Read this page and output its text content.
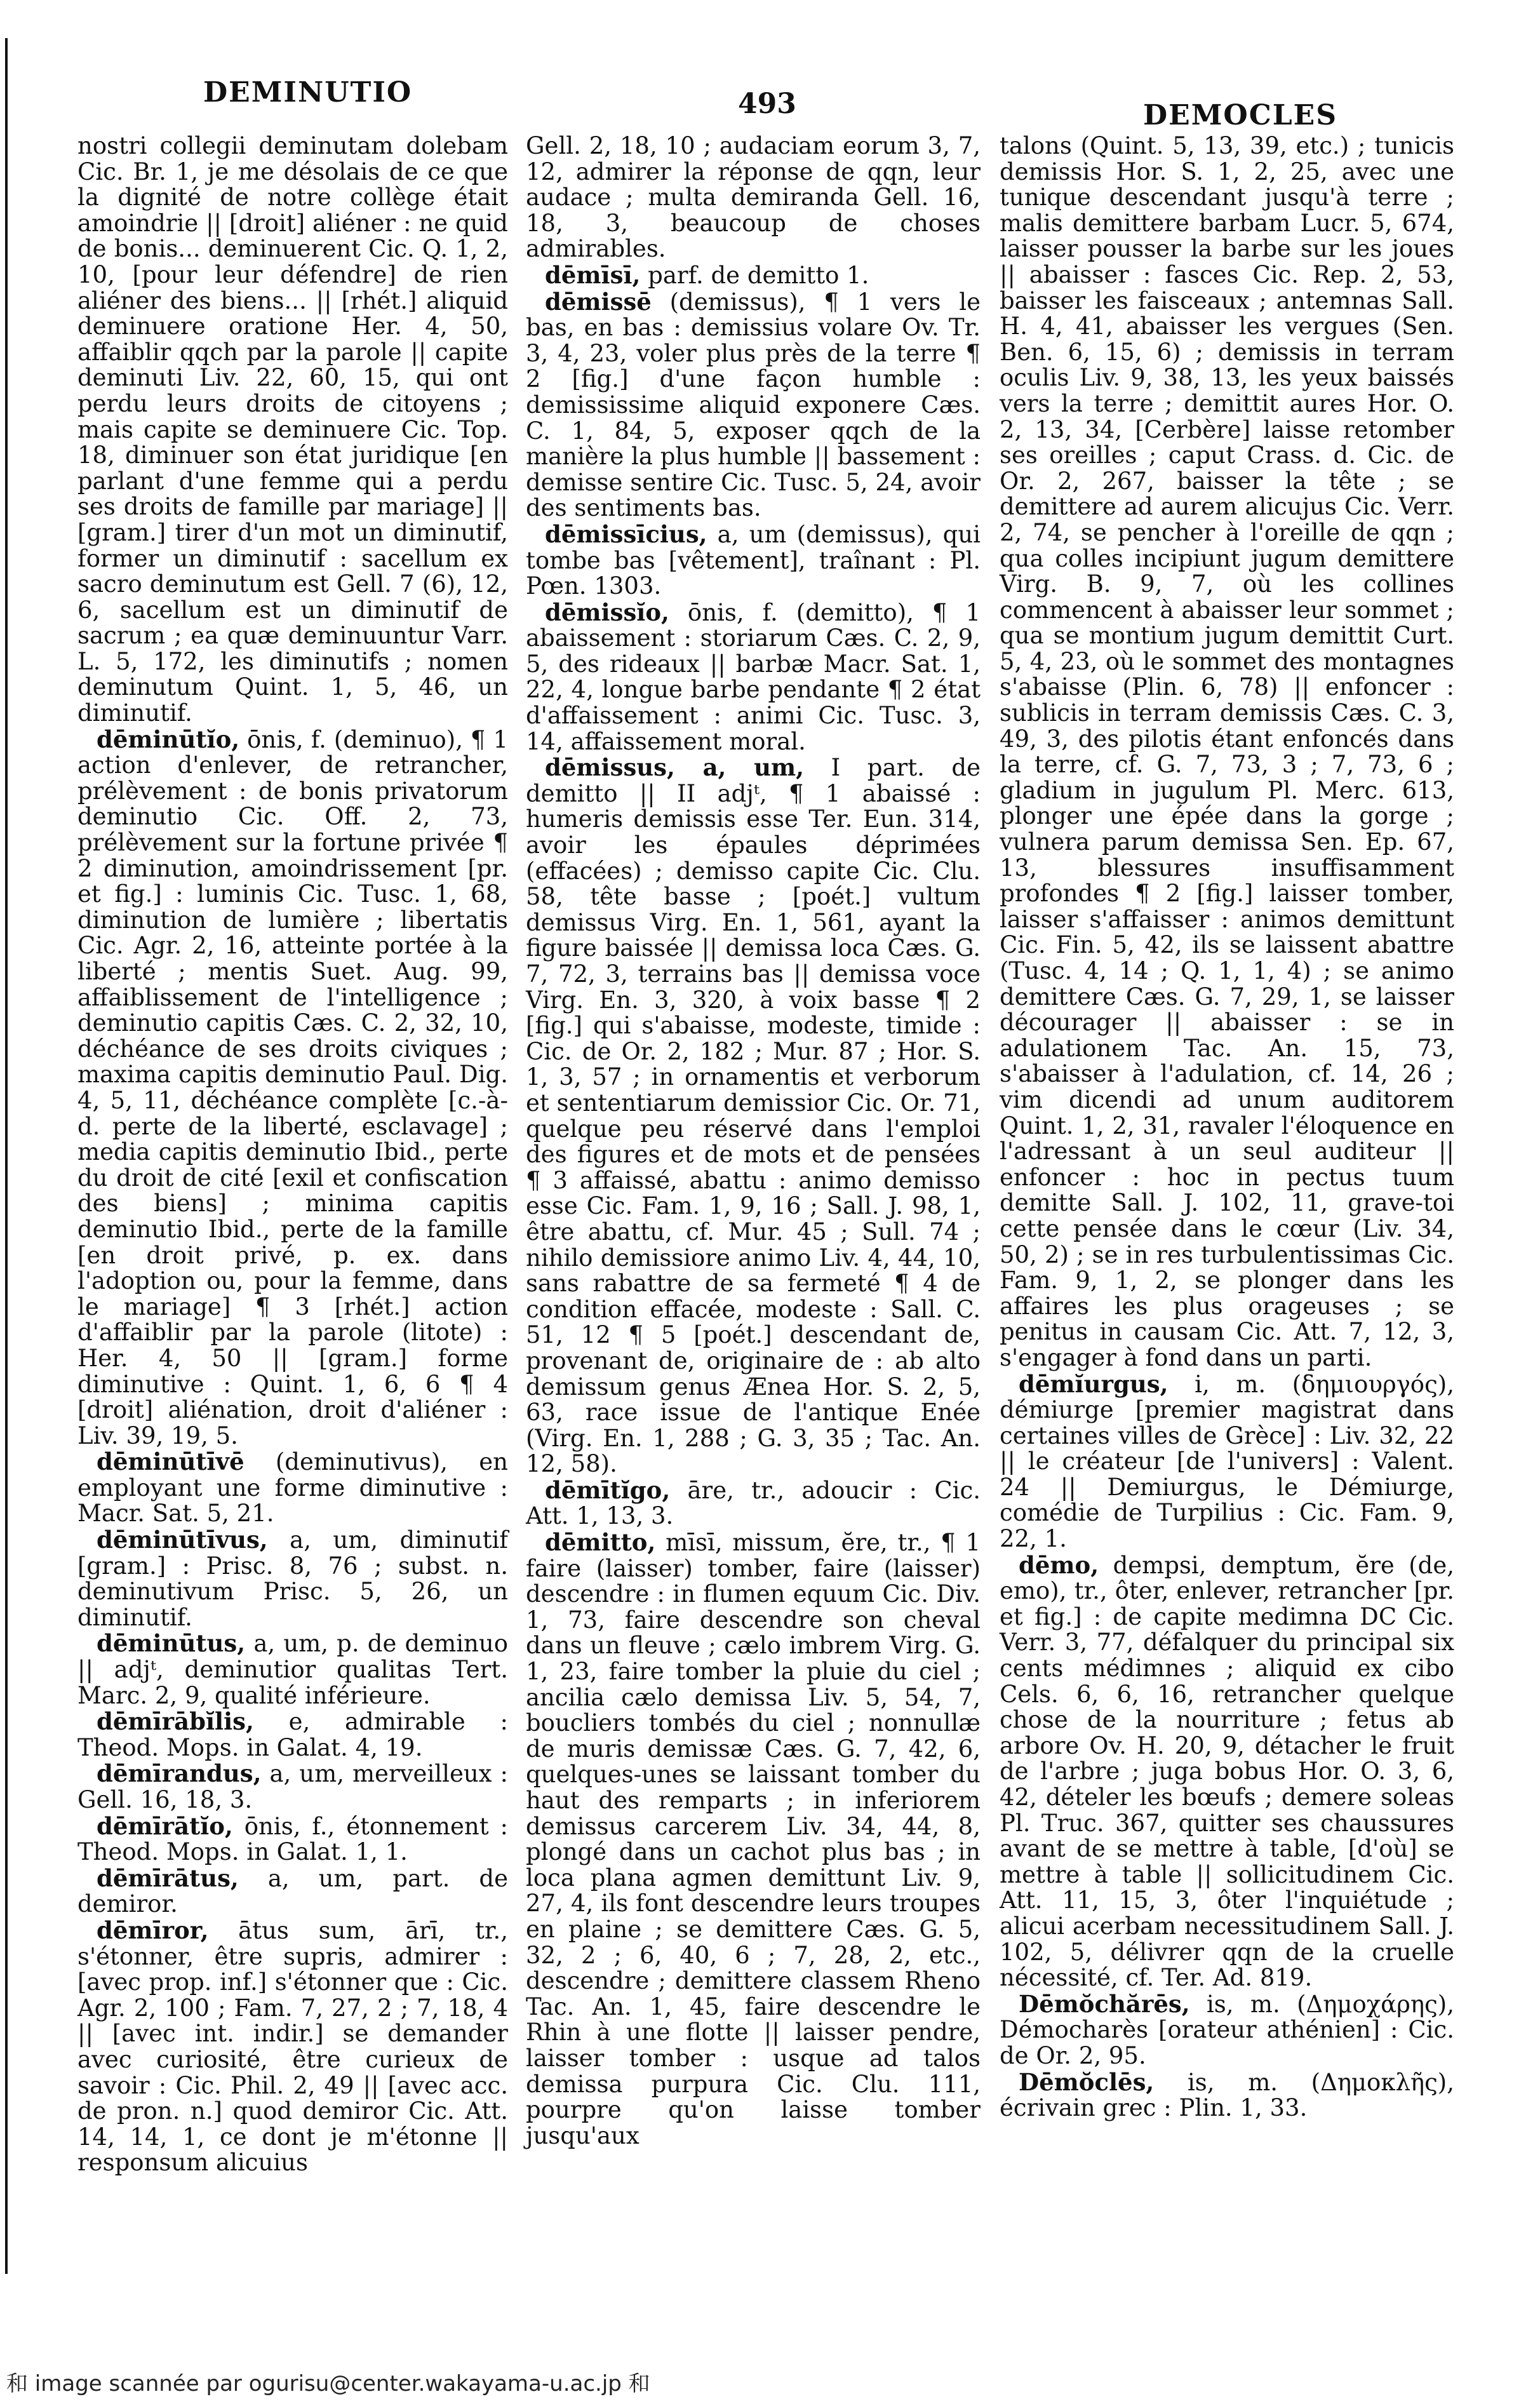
DEMINUTIO	493	DEMOCLES

nostri collegii deminutam dolebam Cic. Br. 1, je me désolais de ce que la dignité de notre collège était amoindrie || [droit] aliéner : ne quid de bonis... deminuerent Cic. Q. 1, 2, 10, [pour leur défendre] de rien aliéner des biens... || [rhét.] aliquid deminuere oratione Her. 4, 50, affaiblir qqch par la parole || capite deminuti Liv. 22, 60, 15, qui ont perdu leurs droits de citoyens ; mais capite se deminuere Cic. Top. 18, diminuer son état juridique [en parlant d'une femme qui a perdu ses droits de famille par mariage] || [gram.] tirer d'un mot un diminutif, former un diminutif : sacellum ex sacro deminutum est Gell. 7 (6), 12, 6, sacellum est un diminutif de sacrum ; ea quæ deminuuntur Varr. L. 5, 172, les diminutifs ; nomen deminutum Quint. 1, 5, 46, un diminutif.

dēminūtĭo, ōnis, f. (deminuo), ¶ 1 action d'enlever, de retrancher, prélèvement : de bonis privatorum deminutio Cic. Off. 2, 73, prélèvement sur la fortune privée ¶ 2 diminution, amoindrissement [pr. et fig.] : luminis Cic. Tusc. 1, 68, diminution de lumière ; libertatis Cic. Agr. 2, 16, atteinte portée à la liberté ; mentis Suet. Aug. 99, affaiblissement de l'intelligence ; deminutio capitis Cæs. C. 2, 32, 10, déchéance de ses droits civiques ; maxima capitis deminutio Paul. Dig. 4, 5, 11, déchéance complète [c.-à-d. perte de la liberté, esclavage] ; media capitis deminutio Ibid., perte du droit de cité [exil et confiscation des biens] ; minima capitis deminutio Ibid., perte de la famille [en droit privé, p. ex. dans l'adoption ou, pour la femme, dans le mariage] ¶ 3 [rhét.] action d'affaiblir par la parole (litote) : Her. 4, 50 || [gram.] forme diminutive : Quint. 1, 6, 6 ¶ 4 [droit] aliénation, droit d'aliéner : Liv. 39, 19, 5.

dēminūtīvē (deminutivus), en employant une forme diminutive : Macr. Sat. 5, 21.

dēminūtīvus, a, um, diminutif [gram.] : Prisc. 8, 76 ; subst. n. deminutivum Prisc. 5, 26, un diminutif.

dēminūtus, a, um, p. de deminuo || adjᵗ, deminutior qualitas Tert. Marc. 2, 9, qualité inférieure.

dēmīrābĭlis, e, admirable : Theod. Mops. in Galat. 4, 19.

dēmīrandus, a, um, merveilleux : Gell. 16, 18, 3.

dēmīrātĭo, ōnis, f., étonnement : Theod. Mops. in Galat. 1, 1.

dēmīrātus, a, um, part. de demiror.

dēmīror, ātus sum, ārī, tr., s'étonner, être supris, admirer : [avec prop. inf.] s'étonner que : Cic. Agr. 2, 100 ; Fam. 7, 27, 2 ; 7, 18, 4 || [avec int. indir.] se demander avec curiosité, être curieux de savoir : Cic. Phil. 2, 49 || [avec acc. de pron. n.] quod demiror Cic. Att. 14, 14, 1, ce dont je m'étonne || responsum alicuius

Gell. 2, 18, 10 ; audaciam eorum 3, 7, 12, admirer la réponse de qqn, leur audace ; multa demiranda Gell. 16, 18, 3, beaucoup de choses admirables.

dēmīsī, parf. de demitto 1.

dēmissē (demissus), ¶ 1 vers le bas, en bas : demissius volare Ov. Tr. 3, 4, 23, voler plus près de la terre ¶ 2 [fig.] d'une façon humble : demississime aliquid exponere Cæs. C. 1, 84, 5, exposer qqch de la manière la plus humble || bassement : demisse sentire Cic. Tusc. 5, 24, avoir des sentiments bas.

dēmissīcius, a, um (demissus), qui tombe bas [vêtement], traînant : Pl. Pœn. 1303.

dēmissĭo, ōnis, f. (demitto), ¶ 1 abaissement : storiarum Cæs. C. 2, 9, 5, des rideaux || barbæ Macr. Sat. 1, 22, 4, longue barbe pendante ¶ 2 état d'affaissement : animi Cic. Tusc. 3, 14, affaissement moral.

dēmissus, a, um, I part. de demitto || II adjᵗ, ¶ 1 abaissé : humeris demissis esse Ter. Eun. 314, avoir les épaules déprimées (effacées) ; demisso capite Cic. Clu. 58, tête basse ; [poét.] vultum demissus Virg. En. 1, 561, ayant la figure baissée || demissa loca Cæs. G. 7, 72, 3, terrains bas || demissa voce Virg. En. 3, 320, à voix basse ¶ 2 [fig.] qui s'abaisse, modeste, timide : Cic. de Or. 2, 182 ; Mur. 87 ; Hor. S. 1, 3, 57 ; in ornamentis et verborum et sententiarum demissior Cic. Or. 71, quelque peu réservé dans l'emploi des figures et de mots et de pensées ¶ 3 affaissé, abattu : animo demisso esse Cic. Fam. 1, 9, 16 ; Sall. J. 98, 1, être abattu, cf. Mur. 45 ; Sull. 74 ; nihilo demissiore animo Liv. 4, 44, 10, sans rabattre de sa fermeté ¶ 4 de condition effacée, modeste : Sall. C. 51, 12 ¶ 5 [poét.] descendant de, provenant de, originaire de : ab alto demissum genus Ænea Hor. S. 2, 5, 63, race issue de l'antique Enée (Virg. En. 1, 288 ; G. 3, 35 ; Tac. An. 12, 58).

dēmītĭgo, āre, tr., adoucir : Cic. Att. 1, 13, 3.

dēmitto, mīsī, missum, ĕre, tr., ¶ 1 faire (laisser) tomber, faire (laisser) descendre : in flumen equum Cic. Div. 1, 73, faire descendre son cheval dans un fleuve ; cælo imbrem Virg. G. 1, 23, faire tomber la pluie du ciel ; ancilia cælo demissa Liv. 5, 54, 7, boucliers tombés du ciel ; nonnullæ de muris demissæ Cæs. G. 7, 42, 6, quelques-unes se laissant tomber du haut des remparts ; in inferiorem demissus carcerem Liv. 34, 44, 8, plongé dans un cachot plus bas ; in loca plana agmen demittunt Liv. 9, 27, 4, ils font descendre leurs troupes en plaine ; se demittere Cæs. G. 5, 32, 2 ; 6, 40, 6 ; 7, 28, 2, etc., descendre ; demittere classem Rheno Tac. An. 1, 45, faire descendre le Rhin à une flotte || laisser pendre, laisser tomber : usque ad talos demissa purpura Cic. Clu. 111, pourpre qu'on laisse tomber jusqu'aux

talons (Quint. 5, 13, 39, etc.) ; tunicis demissis Hor. S. 1, 2, 25, avec une tunique descendant jusqu'à terre ; malis demittere barbam Lucr. 5, 674, laisser pousser la barbe sur les joues || abaisser : fasces Cic. Rep. 2, 53, baisser les faisceaux ; antemnas Sall. H. 4, 41, abaisser les vergues (Sen. Ben. 6, 15, 6) ; demissis in terram oculis Liv. 9, 38, 13, les yeux baissés vers la terre ; demittit aures Hor. O. 2, 13, 34, [Cerbère] laisse retomber ses oreilles ; caput Crass. d. Cic. de Or. 2, 267, baisser la tête ; se demittere ad aurem alicujus Cic. Verr. 2, 74, se pencher à l'oreille de qqn ; qua colles incipiunt jugum demittere Virg. B. 9, 7, où les collines commencent à abaisser leur sommet ; qua se montium jugum demittit Curt. 5, 4, 23, où le sommet des montagnes s'abaisse (Plin. 6, 78) || enfoncer : sublicis in terram demissis Cæs. C. 3, 49, 3, des pilotis étant enfoncés dans la terre, cf. G. 7, 73, 3 ; 7, 73, 6 ; gladium in jugulum Pl. Merc. 613, plonger une épée dans la gorge ; vulnera parum demissa Sen. Ep. 67, 13, blessures insuffisamment profondes ¶ 2 [fig.] laisser tomber, laisser s'affaisser : animos demittunt Cic. Fin. 5, 42, ils se laissent abattre (Tusc. 4, 14 ; Q. 1, 1, 4) ; se animo demittere Cæs. G. 7, 29, 1, se laisser décourager || abaisser : se in adulationem Tac. An. 15, 73, s'abaisser à l'adulation, cf. 14, 26 ; vim dicendi ad unum auditorem Quint. 1, 2, 31, ravaler l'éloquence en l'adressant à un seul auditeur || enfoncer : hoc in pectus tuum demitte Sall. J. 102, 11, grave-toi cette pensée dans le cœur (Liv. 34, 50, 2) ; se in res turbulentissimas Cic. Fam. 9, 1, 2, se plonger dans les affaires les plus orageuses ; se penitus in causam Cic. Att. 7, 12, 3, s'engager à fond dans un parti.

dēmĭurgus, i, m. (δημιουργός), démiurge [premier magistrat dans certaines villes de Grèce] : Liv. 32, 22 || le créateur [de l'univers] : Valent. 24 || Demiurgus, le Démiurge, comédie de Turpilius : Cic. Fam. 9, 22, 1.

dēmo, dempsi, demptum, ĕre (de, emo), tr., ôter, enlever, retrancher [pr. et fig.] : de capite medimna DC Cic. Verr. 3, 77, défalquer du principal six cents médimnes ; aliquid ex cibo Cels. 6, 6, 16, retrancher quelque chose de la nourriture ; fetus ab arbore Ov. H. 20, 9, détacher le fruit de l'arbre ; juga bobus Hor. O. 3, 6, 42, dételer les bœufs ; demere soleas Pl. Truc. 367, quitter ses chaussures avant de se mettre à table, [d'où] se mettre à table || sollicitudinem Cic. Att. 11, 15, 3, ôter l'inquiétude ; alicui acerbam necessitudinem Sall. J. 102, 5, délivrer qqn de la cruelle nécessité, cf. Ter. Ad. 819.

Dēmŏchărēs, is, m. (Δημοχάρης), Démocharès [orateur athénien] : Cic. de Or. 2, 95.

Dēmŏclēs, is, m. (Δημοκλῆς), écrivain grec : Plin. 1, 33.

和 image scannée par ogurisu@center.wakayama-u.ac.jp 和
